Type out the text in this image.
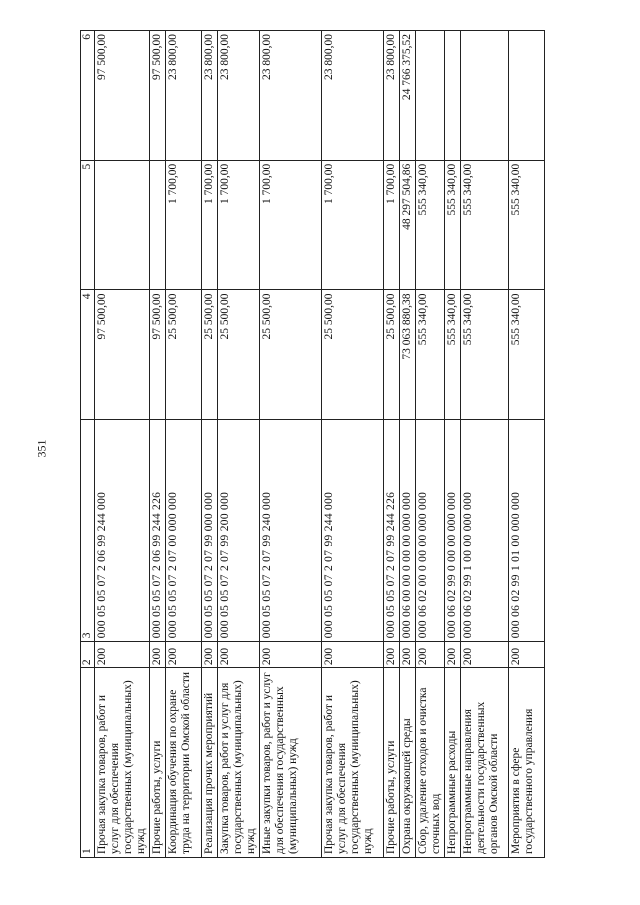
351
1	2	3	4	5	6
Прочая закупка товаров, работ и услуг для обеспечения государственных (муниципальных) нужд	200	000 05 05 07 2 06 99 244 000	97 500,00		97 500,00
Прочие работы, услуги	200	000 05 05 07 2 06 99 244 226	97 500,00		97 500,00
Координация обучения по охране труда на территории Омской области	200	000 05 05 07 2 07 00 000 000	25 500,00	1 700,00	23 800,00
Реализация прочих мероприятий	200	000 05 05 07 2 07 99 000 000	25 500,00	1 700,00	23 800,00
Закупка товаров, работ и услуг для государственных (муниципальных) нужд	200	000 05 05 07 2 07 99 200 000	25 500,00	1 700,00	23 800,00
Иные закупки товаров, работ и услуг для обеспечения государственных (муниципальных) нужд	200	000 05 05 07 2 07 99 240 000	25 500,00	1 700,00	23 800,00
Прочая закупка товаров, работ и услуг для обеспечения государственных (муниципальных) нужд	200	000 05 05 07 2 07 99 244 000	25 500,00	1 700,00	23 800,00
Прочие работы, услуги	200	000 05 05 07 2 07 99 244 226	25 500,00	1 700,00	23 800,00
Охрана окружающей среды	200	000 06 00 00 0 00 00 000 000	73 063 880,38	48 297 504,86	24 766 375,52
Сбор, удаление отходов и очистка сточных вод	200	000 06 02 00 0 00 00 000 000	555 340,00	555 340,00	
Непрограммные расходы	200	000 06 02 99 0 00 00 000 000	555 340,00	555 340,00	
Непрограммные направления деятельности государственных органов Омской области	200	000 06 02 99 1 00 00 000 000	555 340,00	555 340,00	
Мероприятия в сфере государственного управления	200	000 06 02 99 1 01 00 000 000	555 340,00	555 340,00	
